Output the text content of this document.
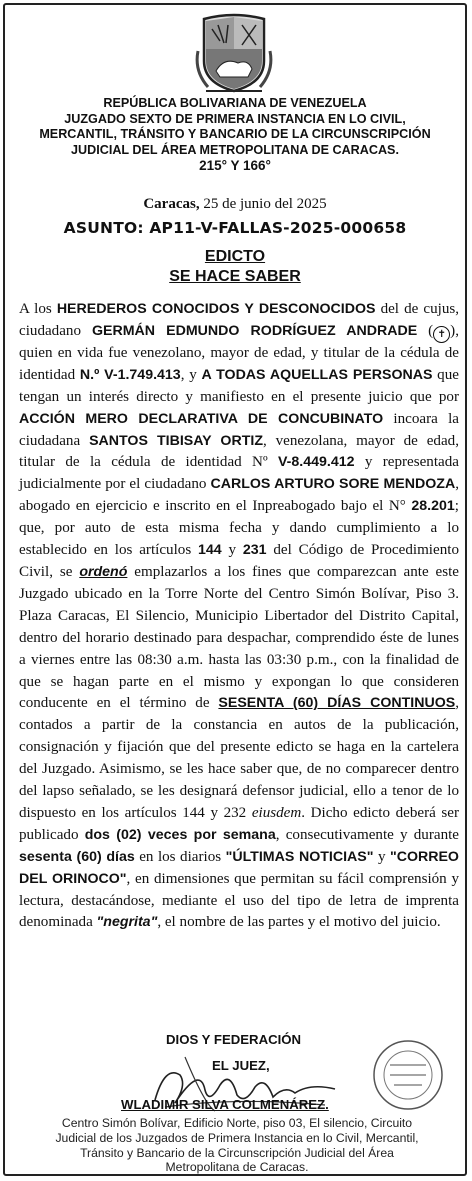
REPÚBLICA BOLIVARIANA DE VENEZUELA
JUZGADO SEXTO DE PRIMERA INSTANCIA EN LO CIVIL,
MERCANTIL, TRÁNSITO Y BANCARIO DE LA CIRCUNSCRIPCIÓN
JUDICIAL DEL ÁREA METROPOLITANA DE CARACAS.
215° Y 166°
Caracas, 25 de junio del 2025
ASUNTO: AP11-V-FALLAS-2025-000658
EDICTO
SE HACE SABER
A los HEREDEROS CONOCIDOS Y DESCONOCIDOS del de cujus, ciudadano GERMÁN EDMUNDO RODRÍGUEZ ANDRADE ( ✝ ), quien en vida fue venezolano, mayor de edad, y titular de la cédula de identidad N.º V-1.749.413, y A TODAS AQUELLAS PERSONAS que tengan un interés directo y manifiesto en el presente juicio que por ACCIÓN MERO DECLARATIVA DE CONCUBINATO incoara la ciudadana SANTOS TIBISAY ORTIZ, venezolana, mayor de edad, titular de la cédula de identidad Nº V-8.449.412 y representada judicialmente por el ciudadano CARLOS ARTURO SORE MENDOZA, abogado en ejercicio e inscrito en el Inpreabogado bajo el N° 28.201; que, por auto de esta misma fecha y dando cumplimiento a lo establecido en los artículos 144 y 231 del Código de Procedimiento Civil, se ordenó emplazarlos a los fines que comparezcan ante este Juzgado ubicado en la Torre Norte del Centro Simón Bolívar, Piso 3. Plaza Caracas, El Silencio, Municipio Libertador del Distrito Capital, dentro del horario destinado para despachar, comprendido éste de lunes a viernes entre las 08:30 a.m. hasta las 03:30 p.m., con la finalidad de que se hagan parte en el mismo y expongan lo que consideren conducente en el término de SESENTA (60) DÍAS CONTINUOS, contados a partir de la constancia en autos de la publicación, consignación y fijación que del presente edicto se haga en la cartelera del Juzgado. Asimismo, se les hace saber que, de no comparecer dentro del lapso señalado, se les designará defensor judicial, ello a tenor de lo dispuesto en los artículos 144 y 232 eiusdem. Dicho edicto deberá ser publicado dos (02) veces por semana, consecutivamente y durante sesenta (60) días en los diarios "ÚLTIMAS NOTICIAS" y "CORREO DEL ORINOCO", en dimensiones que permitan su fácil comprensión y lectura, destacándose, mediante el uso del tipo de letra de imprenta denominada "negrita", el nombre de las partes y el motivo del juicio.
DIOS Y FEDERACIÓN
EL JUEZ,
WLADIMIR SILVA COLMENÁREZ.
Centro Simón Bolívar, Edificio Norte, piso 03, El silencio, Circuito
Judicial de los Juzgados de Primera Instancia en lo Civil, Mercantil,
Tránsito y Bancario de la Circunscripción Judicial del Área
Metropolitana de Caracas.
